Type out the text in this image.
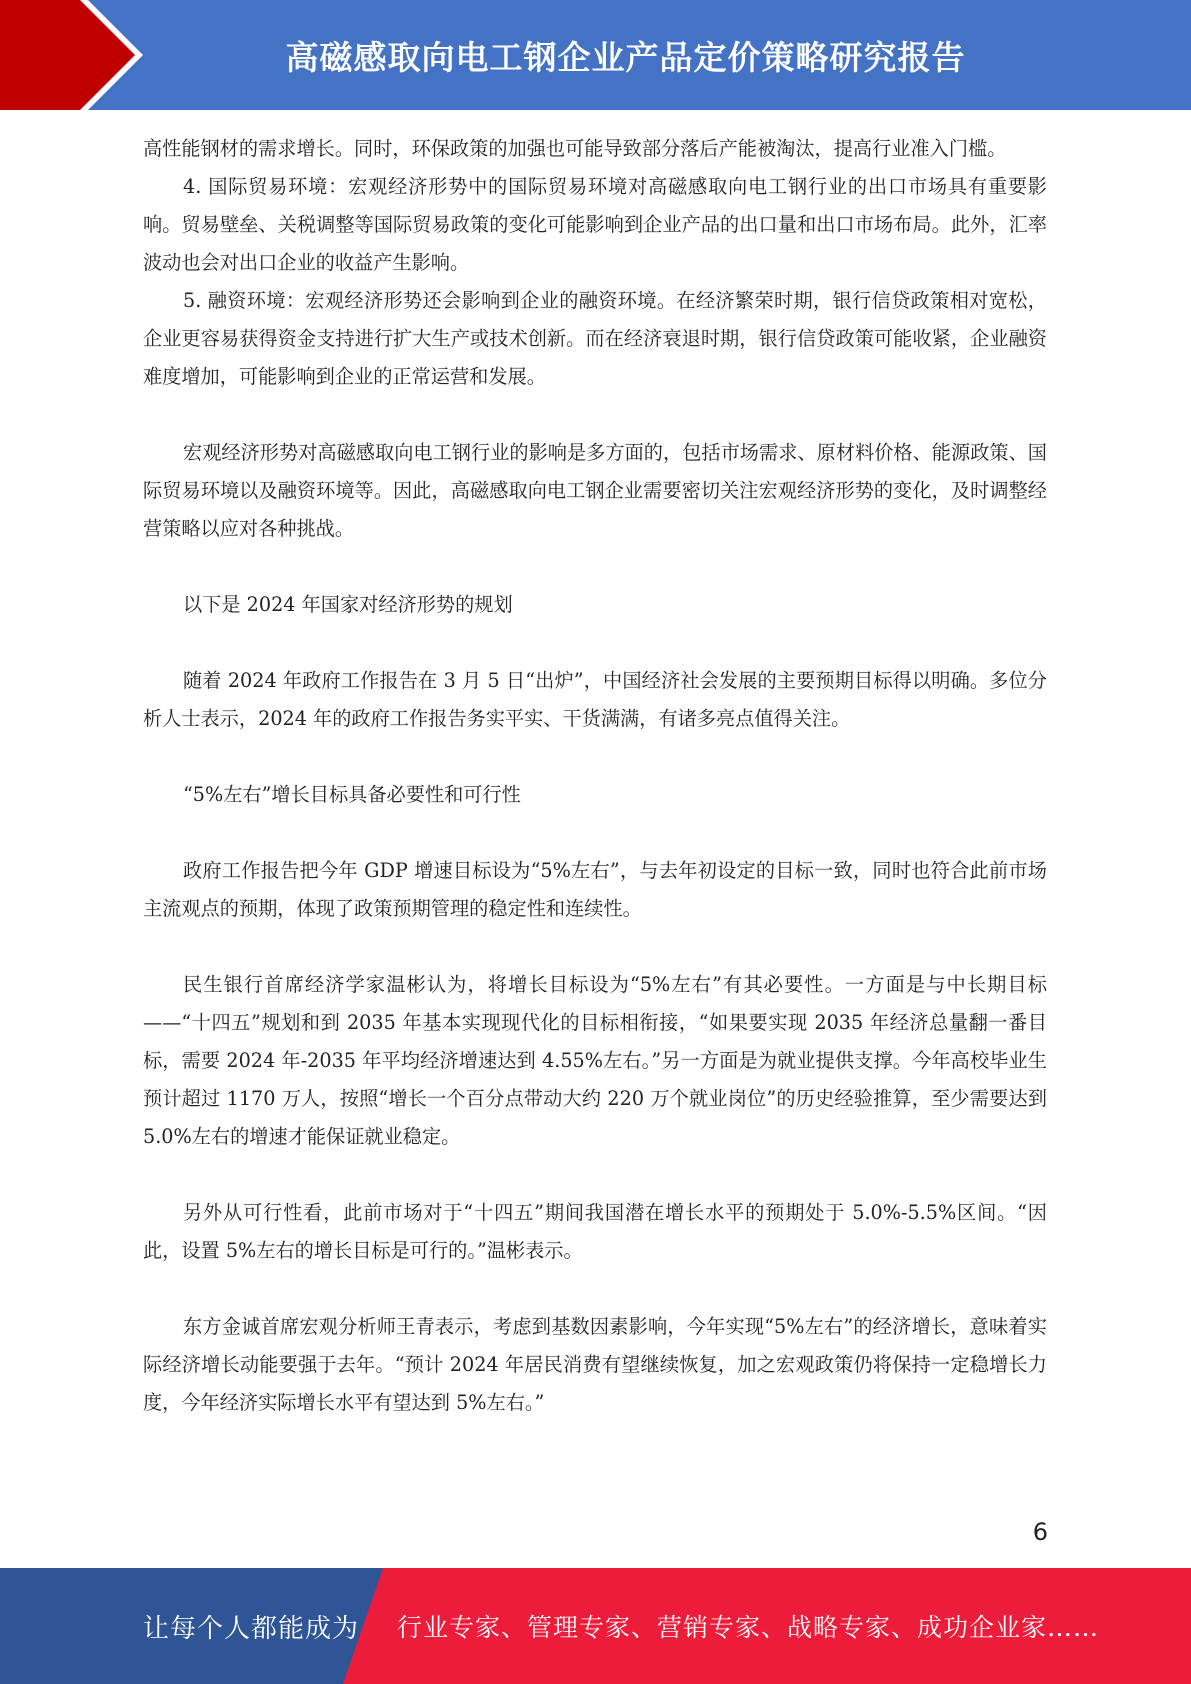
高磁感取向电工钢企业产品定价策略研究报告

高性能钢材的需求增长。同时，环保政策的加强也可能导致部分落后产能被淘汰，提高行业准入门槛。

4. 国际贸易环境：宏观经济形势中的国际贸易环境对高磁感取向电工钢行业的出口市场具有重要影响。贸易壁垒、关税调整等国际贸易政策的变化可能影响到企业产品的出口量和出口市场布局。此外，汇率波动也会对出口企业的收益产生影响。

5. 融资环境：宏观经济形势还会影响到企业的融资环境。在经济繁荣时期，银行信贷政策相对宽松，企业更容易获得资金支持进行扩大生产或技术创新。而在经济衰退时期，银行信贷政策可能收紧，企业融资难度增加，可能影响到企业的正常运营和发展。

宏观经济形势对高磁感取向电工钢行业的影响是多方面的，包括市场需求、原材料价格、能源政策、国际贸易环境以及融资环境等。因此，高磁感取向电工钢企业需要密切关注宏观经济形势的变化，及时调整经营策略以应对各种挑战。

以下是 2024 年国家对经济形势的规划

随着 2024 年政府工作报告在 3 月 5 日“出炉”，中国经济社会发展的主要预期目标得以明确。多位分析人士表示，2024 年的政府工作报告务实平实、干货满满，有诸多亮点值得关注。

“5%左右”增长目标具备必要性和可行性

政府工作报告把今年 GDP 增速目标设为“5%左右”，与去年初设定的目标一致，同时也符合此前市场主流观点的预期，体现了政策预期管理的稳定性和连续性。

民生银行首席经济学家温彬认为，将增长目标设为“5%左右”有其必要性。一方面是与中长期目标——“十四五”规划和到 2035 年基本实现现代化的目标相衔接，“如果要实现 2035 年经济总量翻一番目标，需要 2024 年-2035 年平均经济增速达到 4.55%左右。”另一方面是为就业提供支撑。今年高校毕业生预计超过 1170 万人，按照“增长一个百分点带动大约 220 万个就业岗位”的历史经验推算，至少需要达到 5.0%左右的增速才能保证就业稳定。

另外从可行性看，此前市场对于“十四五”期间我国潜在增长水平的预期处于 5.0%-5.5%区间。“因此，设置 5%左右的增长目标是可行的。”温彬表示。

东方金诚首席宏观分析师王青表示，考虑到基数因素影响，今年实现“5%左右”的经济增长，意味着实际经济增长动能要强于去年。“预计 2024 年居民消费有望继续恢复，加之宏观政策仍将保持一定稳增长力度，今年经济实际增长水平有望达到 5%左右。”

6
让每个人都能成为 行业专家、管理专家、营销专家、战略专家、成功企业家……
